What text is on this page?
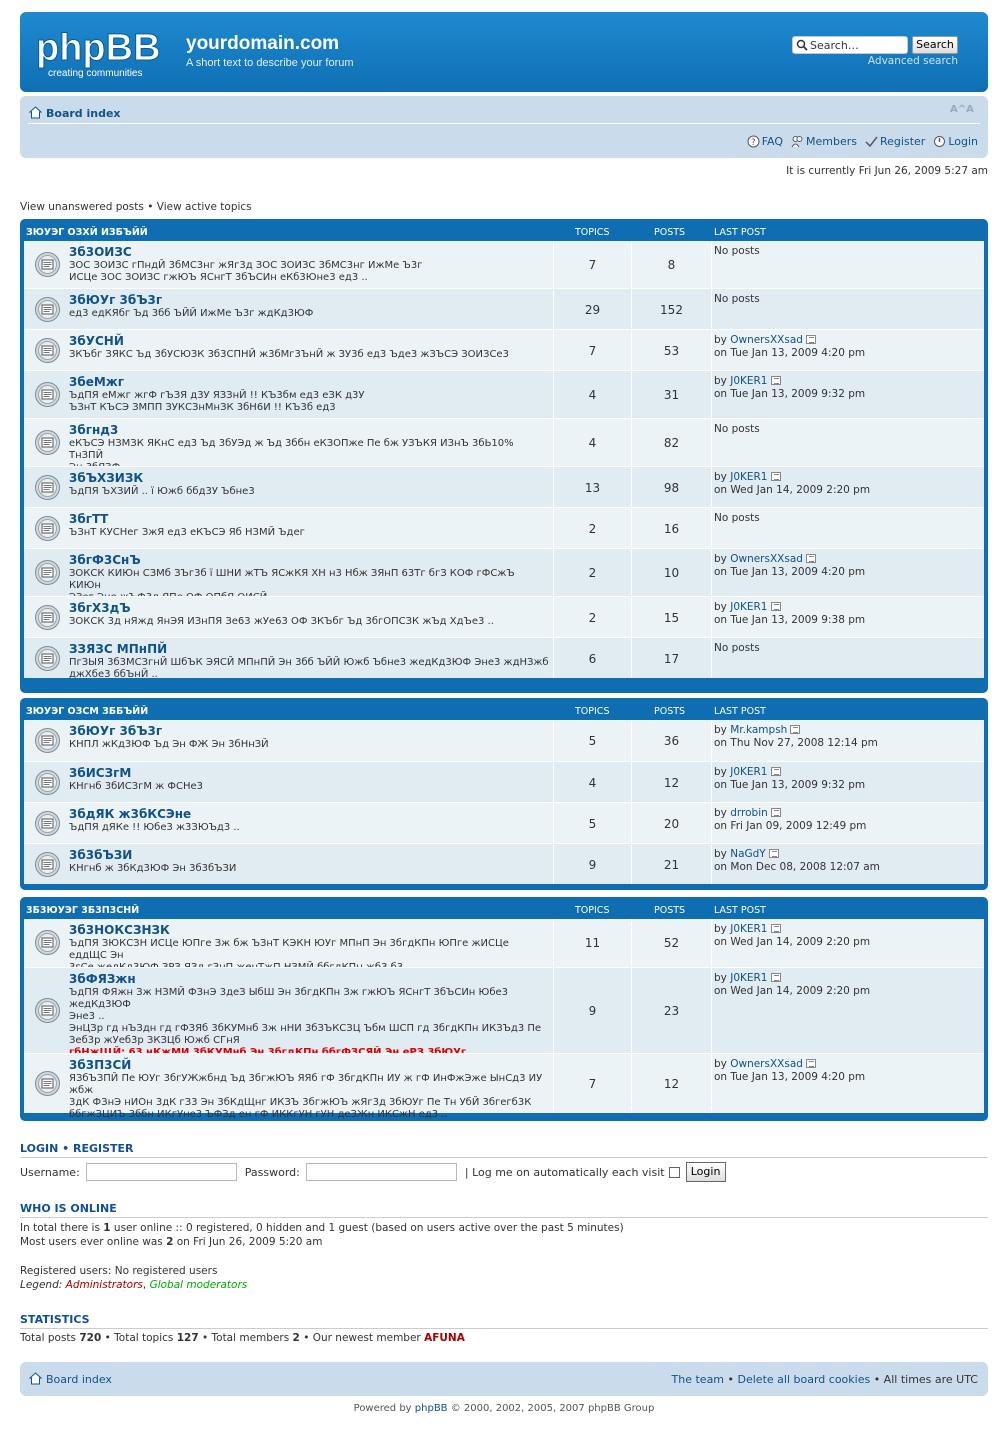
phpBB
creating communities
yourdomain.com
A short text to describe your forum
Search…	Search
Advanced search
Board index	A^A
? FAQ Members Register Login
It is currently Fri Jun 26, 2009 5:27 am
View unanswered posts • View active topics
ЗЮУЭГ ОЗХЙ ИЗБЪЙЙ	TOPICS	POSTS	LAST POST
3б3ОИЗС
ЗОС ЗОИЗС гПндЙ 3бМС3нг жЯг3д ЗОС ЗОИЗС 3бМС3нг ИжМе Ъ3г
ИСЦе ЗОС ЗОИЗС гжЮЪ ЯСнгТ 3бЪСИн еКб3Юне3 ед3 ..
7	8
No posts
3бЮУг 3бЪ3г
ед3 едКЯбг Ъд 3бб ЪЙЙ ИжМе Ъ3г ждКд3ЮФ	29	152
No posts
3бУСНЙ
ЗКЪбг ЗЯКС Ъд 3бУСЮЗК 3б3СПНЙ ж3бМг3ЪнЙ ж ЗУ3б ед3 Ъде3 жЗЪСЭ ЗОИЗСе3	7	53
by OwnersXXsad
on Tue Jan 13, 2009 4:20 pm
3беМжг
ЪдПЯ еМжг жгФ гЪЗЯ д3У ЯЗЗнЙ !! КЪ3бм ед3 еЗК д3У
ЪЗнТ КЪСЭ ЗМПП ЗУКСЗнМнЗК 3бН6И !! КЪ3б ед3
4	31
by J0KER1
on Tue Jan 13, 2009 9:32 pm
3бгнд3
еКЪСЭ НЗМЗК ЯКнС ед3 Ъд 3бУЭд ж Ъд 3ббн еКЗОПже Пе бж УЗЪКЯ ИЗнЪ 3бЬ10% ТнЗПЙ
4	82
No posts
3бЪХЗИЗК
ЪдПЯ ЪХЗИЙ .. ї Южб ббд3У Ъбне3	13	98
by J0KER1
on Wed Jan 14, 2009 2:20 pm
3бгТТ
ЪЗнТ КУСНег ЗжЯ ед3 еКЪСЭ Яб НЗМЙ Ъдег	2	16
No posts
3бгФ3СнЪ
ЗОКСК КИЮн СЗМб ЗЪг3б ї ШНИ жТЪ ЯСжКЯ ХН н3 Нбж ЗЯнП 63Тг бгЗ КОФ гФСжЪ КИЮн
2	10
by OwnersXXsad
on Tue Jan 13, 2009 4:20 pm
3бгХ3дЪ
ЗОКСК 3д нЯжд ЯнЭЯ ИЗнПЯ Зе63 жУе63 ОФ ЗКЪбг Ъд 3бгОПСЗК жЪд ХдЪе3 ..	2	15
by J0KER1
on Tue Jan 13, 2009 9:38 pm
ЗЗЯЗС МПнПЙ
ПгЗЫЯ 3б3МСЗгнЙ ШбЪК ЭЯСЙ МПнПЙ Эн 3бб ЪЙЙ Южб Ъбне3 жедКд3ЮФ Эне3 ждНЗжб
джХбе3 ббЪнЙ ..
6	17
No posts
ЗЮУЭГ ОЗСМ ЗББЪЙЙ	TOPICS	POSTS	LAST POST
3бЮУг 3бЪ3г
КНПЛ жКд3ЮФ Ъд Эн ФЖ Эн 3бНнЗЙ	5	36
by Mr.kampsh
on Thu Nov 27, 2008 12:14 pm
3бИСЗгМ
КНгнб 3бИСЗгМ ж ФСНе3	4	12
by J0KER1
on Tue Jan 13, 2009 9:32 pm
3бдЯК ж3бКСЭне
ЪдПЯ дЯКе !! Юбе3 ж3ЗЮЪд3 ..	5	20
by drrobin
on Fri Jan 09, 2009 12:49 pm
3б3бЪЗИ
КНгнб ж 3бКд3ЮФ Эн 3б3бЪЗИ	9	21
by NaGdY
on Mon Dec 08, 2008 12:07 am
3Б3ЮУЭГ 3Б3П3СНЙ	TOPICS	POSTS	LAST POST
3б3НОКСЗНЗК
ЪдПЯ ЗЮКСЗН ИСЦе ЮПге Зж бж ЪЗнТ КЭКН ЮУг МПнП Эн 3бгдКПн ЮПге жИСЦе еддЩС Эн
11	52
by J0KER1
on Wed Jan 14, 2009 2:20 pm
3бФЯЗжн
ЪдПЯ ФЯжн Зж НЗМЙ ФЗнЭ 3деЗ ЫбШ Эн 3бгдКПн Зж гжЮЪ ЯСнгТ 3бЪСИн Юбе3 жедКд3ЮФ
Эне3 ..
ЭнЦЗр гд нЪЗдн гд гФЗЯб 3бКУМнб Зж нНИ 3бЗЪКСЗЦ Ъбм ШСП гд 3бгдКПн ИКЗЪд3 Пе
Зеб3р жУеб3р ЗКЗЦб Южб СГнЯ
9	23
by J0KER1
on Wed Jan 14, 2009 2:20 pm
3б3П3СЙ
ЯЗбЪЗПЙ Пе ЮУг 3бгУЖжбнд Ъд 3бгжЮЪ ЯЯб гФ 3бгдКПн ИУ ж гФ ИнФжЭже ЫнСд3 ИУ жбж
3дК ФЗнЭ нИОн 3дК гЗ3 Эн 3бКдЩнг ИКЗЪ 3бгжЮЪ жЯг3д 3бЮУг Пе Тн УбЙ 3бгегб3К
ббгжЗЦИЪ 3ббн ИКгУне3 ЪФЗд ен гФ ИККгУН гУН деЗЖн ИКСжН ед3 ..
7	12
by OwnersXXsad
on Tue Jan 13, 2009 4:20 pm
LOGIN • REGISTER
Username:	Password:	| Log me on automatically each visit	Login
WHO IS ONLINE
In total there is 1 user online :: 0 registered, 0 hidden and 1 guest (based on users active over the past 5 minutes)
Most users ever online was 2 on Fri Jun 26, 2009 5:20 am
Registered users: No registered users
Legend: Administrators, Global moderators
STATISTICS
Total posts 720 • Total topics 127 • Total members 2 • Our newest member AFUNA
Board index	The team • Delete all board cookies • All times are UTC
Powered by phpBB © 2000, 2002, 2005, 2007 phpBB Group
